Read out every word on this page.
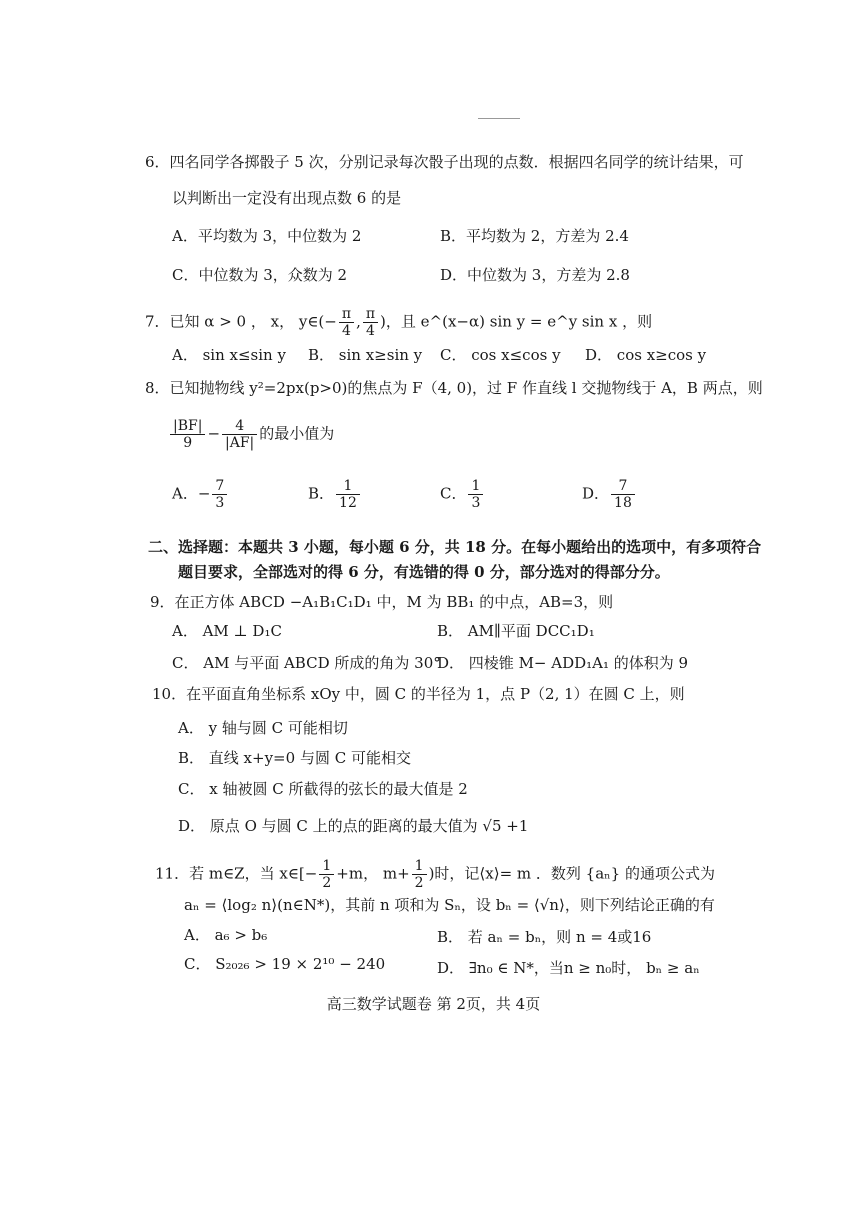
6．四名同学各掷骰子 5 次，分别记录每次骰子出现的点数．根据四名同学的统计结果，可
以判断出一定没有出现点数 6 的是
A．平均数为 3，中位数为 2	B．平均数为 2，方差为 2.4
C．中位数为 3，众数为 2	D．中位数为 3，方差为 2.8
7．已知 α > 0 ， x， y∈(− $\frac{\pi}{4}$ , $\frac{\pi}{4}$ )，且 e^(x−α) sin y = e^y sin x ，则
A． sin x≤sin y B． sin x≥sin y C． cos x≤cos y D． cos x≥cos y
8．已知抛物线 y²=2px(p>0)的焦点为 F（4, 0)，过 F 作直线 l 交抛物线于 A，B 两点，则
$\frac{|BF|}{9} - \frac{4}{|AF|}$ 的最小值为
A．− $\frac{7}{3}$	B． $\frac{1}{12}$	C． $\frac{1}{3}$	D． $\frac{7}{18}$
二、选择题：本题共 3 小题，每小题 6 分，共 18 分。在每小题给出的选项中，有多项符合
题目要求，全部选对的得 6 分，有选错的得 0 分，部分选对的得部分分。
9．在正方体 ABCD −A₁B₁C₁D₁ 中，M 为 BB₁ 的中点，AB=3，则
A． AM ⊥ D₁C	B． AM∥平面 DCC₁D₁
C． AM 与平面 ABCD 所成的角为 30°
D． 四棱锥 M− ADD₁A₁ 的体积为 9
10．在平面直角坐标系 xOy 中，圆 C 的半径为 1，点 P（2, 1）在圆 C 上，则
A． y 轴与圆 C 可能相切
B． 直线 x+y=0 与圆 C 可能相交
C． x 轴被圆 C 所截得的弦长的最大值是 2
D． 原点 O 与圆 C 上的点的距离的最大值为 √5 +1
11．若 m∈Z，当 x∈[− $\frac{1}{2} +m$， $m+ \frac{1}{2}$ )时，记⟨x⟩= m ．数列 {aₙ} 的通项公式为
aₙ = ⟨log₂ n⟩(n∈N*)，其前 n 项和为 Sₙ，设 bₙ = ⟨√n⟩，则下列结论正确的有
A． a₆ > b₆	B． 若 aₙ = bₙ，则 n = 4或16
C． S₂₀₂₆ > 19 × 2¹⁰ − 240	D． ∃n₀ ∈ N*，当n ≥ n₀时， bₙ ≥ aₙ
高三数学试题卷 第 2页，共 4页
